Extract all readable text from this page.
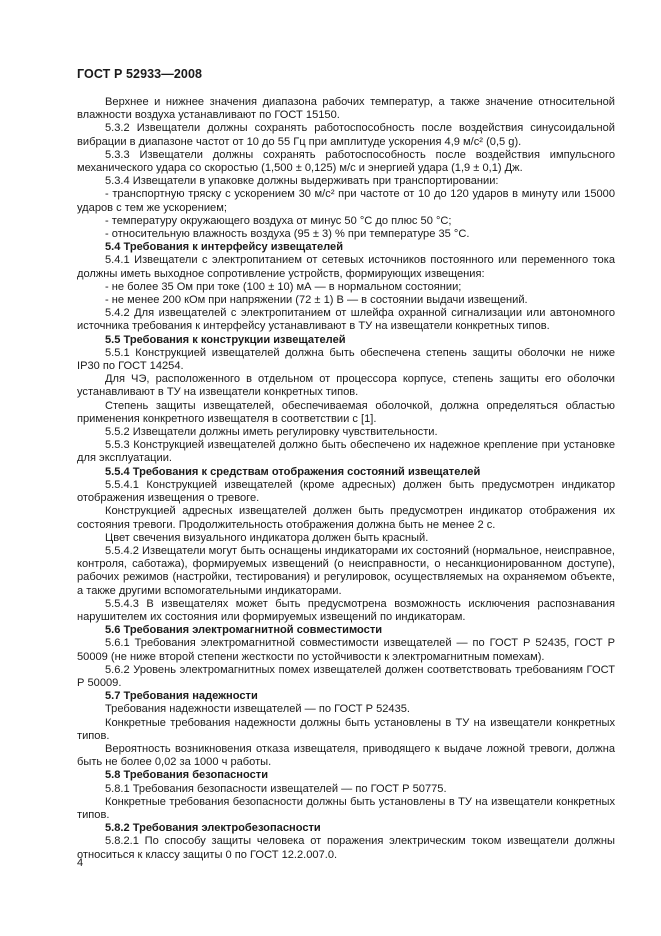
ГОСТ Р 52933—2008

Верхнее и нижнее значения диапазона рабочих температур, а также значение относительной влажности воздуха устанавливают по ГОСТ 15150.

5.3.2 Извещатели должны сохранять работоспособность после воздействия синусоидальной вибрации в диапазоне частот от 10 до 55 Гц при амплитуде ускорения 4,9 м/с² (0,5 g).

5.3.3 Извещатели должны сохранять работоспособность после воздействия импульсного механического удара со скоростью (1,500 ± 0,125) м/с и энергией удара (1,9 ± 0,1) Дж.

5.3.4 Извещатели в упаковке должны выдерживать при транспортировании:

- транспортную тряску с ускорением 30 м/с² при частоте от 10 до 120 ударов в минуту или 15000 ударов с тем же ускорением;

- температуру окружающего воздуха от минус 50 °С до плюс 50 °С;

- относительную влажность воздуха (95 ± 3) % при температуре 35 °С.

5.4 Требования к интерфейсу извещателей

5.4.1 Извещатели с электропитанием от сетевых источников постоянного или переменного тока должны иметь выходное сопротивление устройств, формирующих извещения:

- не более 35 Ом при токе (100 ± 10) мА — в нормальном состоянии;

- не менее 200 кОм при напряжении (72 ± 1) В — в состоянии выдачи извещений.

5.4.2 Для извещателей с электропитанием от шлейфа охранной сигнализации или автономного источника требования к интерфейсу устанавливают в ТУ на извещатели конкретных типов.

5.5 Требования к конструкции извещателей

5.5.1 Конструкцией извещателей должна быть обеспечена степень защиты оболочки не ниже IP30 по ГОСТ 14254.

Для ЧЭ, расположенного в отдельном от процессора корпусе, степень защиты его оболочки устанавливают в ТУ на извещатели конкретных типов.

Степень защиты извещателей, обеспечиваемая оболочкой, должна определяться областью применения конкретного извещателя в соответствии с [1].

5.5.2 Извещатели должны иметь регулировку чувствительности.

5.5.3 Конструкцией извещателей должно быть обеспечено их надежное крепление при установке для эксплуатации.

5.5.4 Требования к средствам отображения состояний извещателей

5.5.4.1 Конструкцией извещателей (кроме адресных) должен быть предусмотрен индикатор отображения извещения о тревоге.

Конструкцией адресных извещателей должен быть предусмотрен индикатор отображения их состояния тревоги. Продолжительность отображения должна быть не менее 2 с.

Цвет свечения визуального индикатора должен быть красный.

5.5.4.2 Извещатели могут быть оснащены индикаторами их состояний (нормальное, неисправное, контроля, саботажа), формируемых извещений (о неисправности, о несанкционированном доступе), рабочих режимов (настройки, тестирования) и регулировок, осуществляемых на охраняемом объекте, а также другими вспомогательными индикаторами.

5.5.4.3 В извещателях может быть предусмотрена возможность исключения распознавания нарушителем их состояния или формируемых извещений по индикаторам.

5.6 Требования электромагнитной совместимости

5.6.1 Требования электромагнитной совместимости извещателей — по ГОСТ Р 52435, ГОСТ Р 50009 (не ниже второй степени жесткости по устойчивости к электромагнитным помехам).

5.6.2 Уровень электромагнитных помех извещателей должен соответствовать требованиям ГОСТ Р 50009.

5.7 Требования надежности

Требования надежности извещателей — по ГОСТ Р 52435.

Конкретные требования надежности должны быть установлены в ТУ на извещатели конкретных типов.

Вероятность возникновения отказа извещателя, приводящего к выдаче ложной тревоги, должна быть не более 0,02 за 1000 ч работы.

5.8 Требования безопасности

5.8.1 Требования безопасности извещателей — по ГОСТ Р 50775.

Конкретные требования безопасности должны быть установлены в ТУ на извещатели конкретных типов.

5.8.2 Требования электробезопасности

5.8.2.1 По способу защиты человека от поражения электрическим током извещатели должны относиться к классу защиты 0 по ГОСТ 12.2.007.0.

4
